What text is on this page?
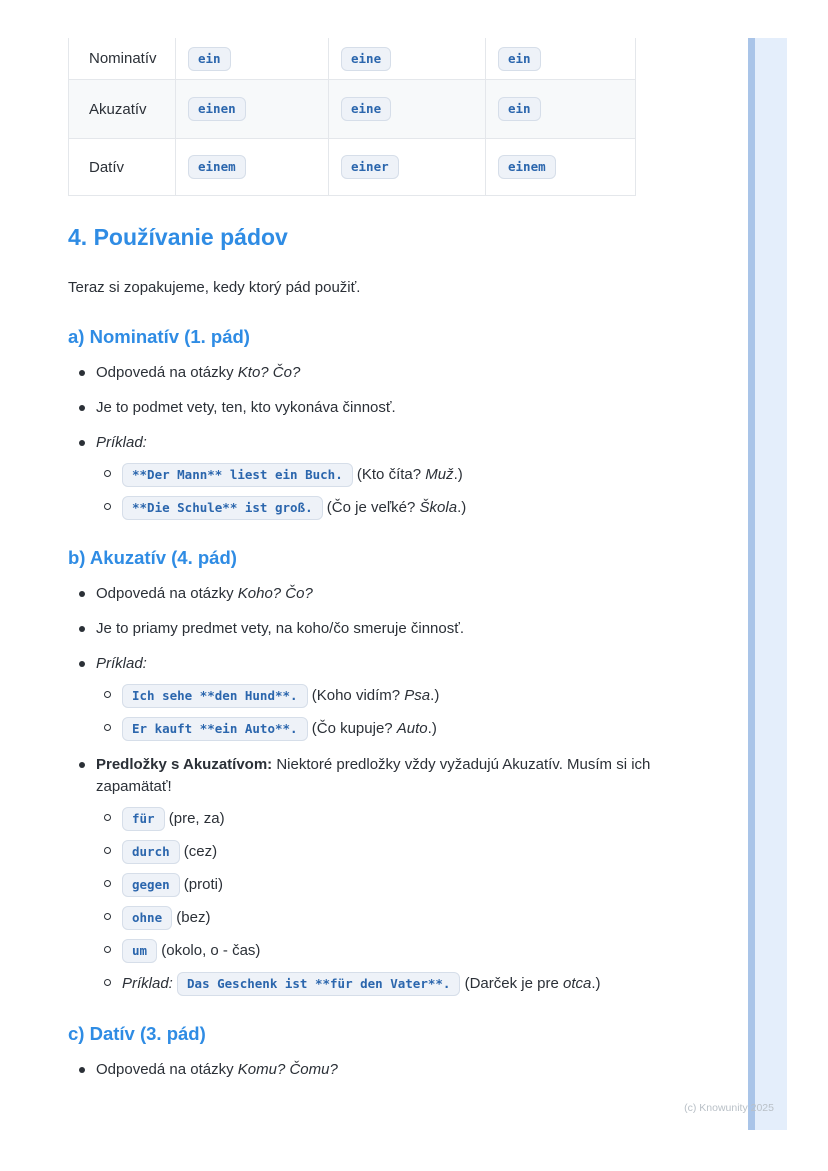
Nominatív	ein	eine	ein
Akuzatív	einen	eine	ein
Datív	einem	einer	einem
4. Používanie pádov

Teraz si zopakujeme, kedy ktorý pád použiť.

a) Nominatív (1. pád)
Odpovedá na otázky Kto? Čo?
Je to podmet vety, ten, kto vykonáva činnosť.
Príklad:
**Der Mann** liest ein Buch. (Kto číta? Muž.)
**Die Schule** ist groß. (Čo je veľké? Škola.)
b) Akuzatív (4. pád)
Odpovedá na otázky Koho? Čo?
Je to priamy predmet vety, na koho/čo smeruje činnosť.
Príklad:
Ich sehe **den Hund**. (Koho vidím? Psa.)
Er kauft **ein Auto**. (Čo kupuje? Auto.)
Predložky s Akuzatívom: Niektoré predložky vždy vyžadujú Akuzatív. Musím si ich zapamätať!
für (pre, za)
durch (cez)
gegen (proti)
ohne (bez)
um (okolo, o - čas)
Príklad: Das Geschenk ist **für den Vater**. (Darček je pre otca.)
c) Datív (3. pád)
Odpovedá na otázky Komu? Čomu?
(c) Knowunity 2025
